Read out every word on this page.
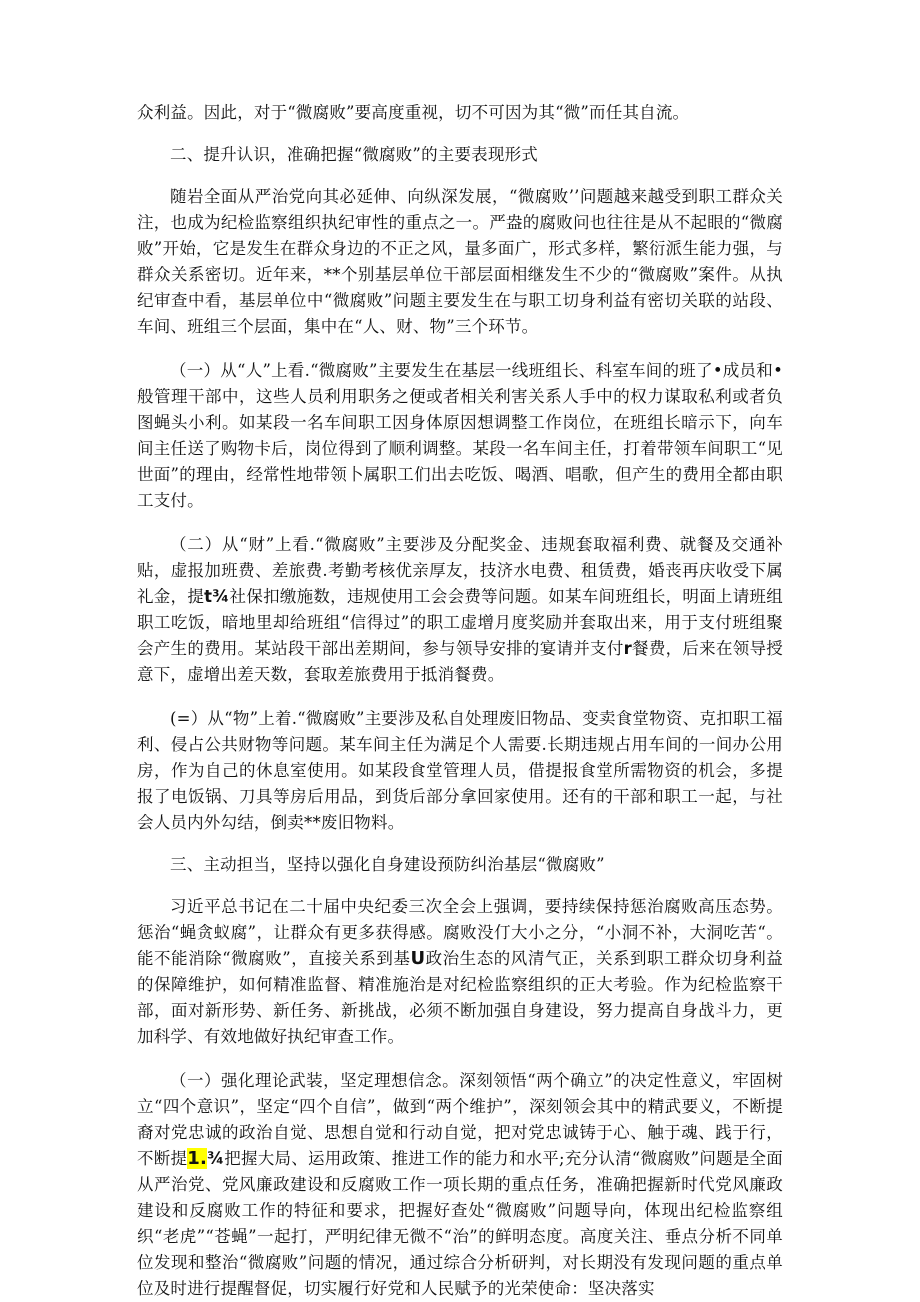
众利益。因此，对于“微腐败”要高度重视，切不可因为其“微”而任其自流。

二、提升认识，准确把握“微腐败”的主要表现形式

随岩全面从严治党向其必延伸、向纵深发展，“微腐败’’问题越来越受到职工群众关注，也成为纪检监察组织执纪审性的重点之一。严盎的腐败问也往往是从不起眼的“微腐败”开始，它是发生在群众身边的不正之风，量多面广，形式多样，繁衍派生能力强，与群众关系密切。近年来，**个别基层单位干部层面相继发生不少的“微腐败”案件。从执纪审查中看，基层单位中“微腐败”问题主要发生在与职工切身利益有密切关联的站段、车间、班组三个层面，集中在“人、财、物”三个环节。

（一）从“人”上看.“微腐败”主要发生在基层一线班组长、科室车间的班了•成员和•般管理干部中，这些人员利用职务之便或者相关利害关系人手中的权力谋取私利或者负图蝇头小利。如某段一名车间职工因身体原因想调整工作岗位，在班组长暗示下，向车间主任送了购物卡后，岗位得到了顺利调整。某段一名车间主任，打着带领车间职工“见世面”的理由，经常性地带领卜属职工们出去吃饭、喝酒、唱歌，但产生的费用全都由职工支付。

（二）从“财”上看.“微腐败”主要涉及分配奖金、违规套取福利费、就餐及交通补贴，虚报加班费、差旅费.考勤考核优亲厚友，技济水电费、租赁费，婚丧再庆收受下属礼金，提t¾社保扣缴施数，违规使用工会会费等问题。如某车间班组长，明面上请班组职工吃饭，暗地里却给班组“信得过”的职工虚增月度奖励并套取出来，用于支付班组聚会产生的费用。某站段干部出差期间，参与领导安排的宴请并支付r餐费，后来在领导授意下，虚增出差天数，套取差旅费用于抵消餐费。

(=）从“物”上着.“微腐败”主要涉及私自处理废旧物品、变卖食堂物资、克扣职工福利、侵占公共财物等问题。某车间主任为满足个人需要.长期违规占用车间的一间办公用房，作为自己的休息室使用。如某段食堂管理人员，借提报食堂所需物资的机会，多提报了电饭锅、刀具等房后用品，到货后部分拿回家使用。还有的干部和职工一起，与社会人员内外勾结，倒卖**废旧物料。

三、主动担当，坚持以强化自身建设预防纠治基层“微腐败”

习近平总书记在二十届中央纪委三次全会上强调，要持续保持惩治腐败高压态势。惩治“蝇贪蚁腐”，让群众有更多获得感。腐败没仃大小之分，“小洞不补，大洞吃苦“。能不能消除“微腐败”，直接关系到基U政治生态的风清气正，关系到职工群众切身利益的保障维护，如何精准监督、精准施治是对纪检监察组织的正大考验。作为纪检监察干部，面对新形势、新任务、新挑战，必须不断加强自身建设，努力提高自身战斗力，更加科学、有效地做好执纪审查工作。

（一）强化理论武装，坚定理想信念。深刻领悟“两个确立”的决定性意义，牢固树立“四个意识”，坚定“四个自信”，做到“两个维护”，深刻领会其中的精武要义，不断提裔对党忠诚的政治自觉、思想自觉和行动自觉，把对党忠诚铸于心、触于魂、践于行，不断提1.¾把握大局、运用政策、推进工作的能力和水平;充分认清“微腐败”问题是全面从严治党、党风廉政建设和反腐败工作一项长期的重点任务，准确把握新时代党风廉政建设和反腐败工作的特征和要求，把握好查处“微腐败”问题导向，体现出纪检监察组织“老虎”“苍蝇”一起打，严明纪律无微不“治”的鲜明态度。高度关注、垂点分析不同单位发现和整治“微腐败”问题的情况，通过综合分析研判，对长期没有发现问题的重点单位及时进行提醒督促，切实履行好党和人民赋予的光荣使命：坚决落实
